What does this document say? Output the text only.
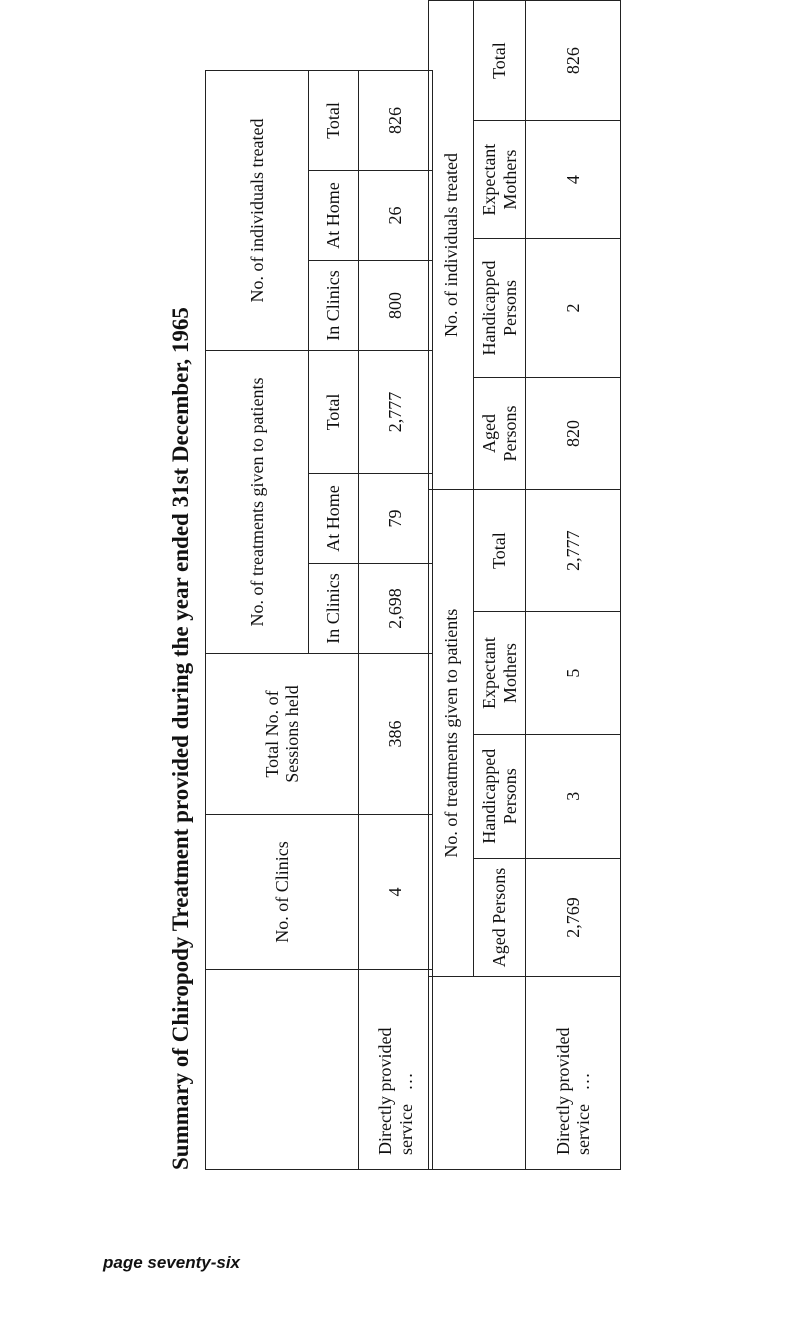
Summary of Chiropody Treatment provided during the year ended 31st December, 1965
		No. of Clinics	Total No. of Sessions held	No. of treatments given to patients			No. of individuals treated		
			In Clinics	At Home	Total	In Clinics	At Home	Total
Directly provided service   …	4	386	2,698	79	2,777	800	26	826
	No. of treatments given to patients				No. of individuals treated			
	Aged Persons	Handicapped Persons	Expectant Mothers	Total	Aged Persons	Handicapped Persons	Expectant Mothers	Total
Directly provided service   …	2,769	3	5	2,777	820	2	4	826
page seventy-six
